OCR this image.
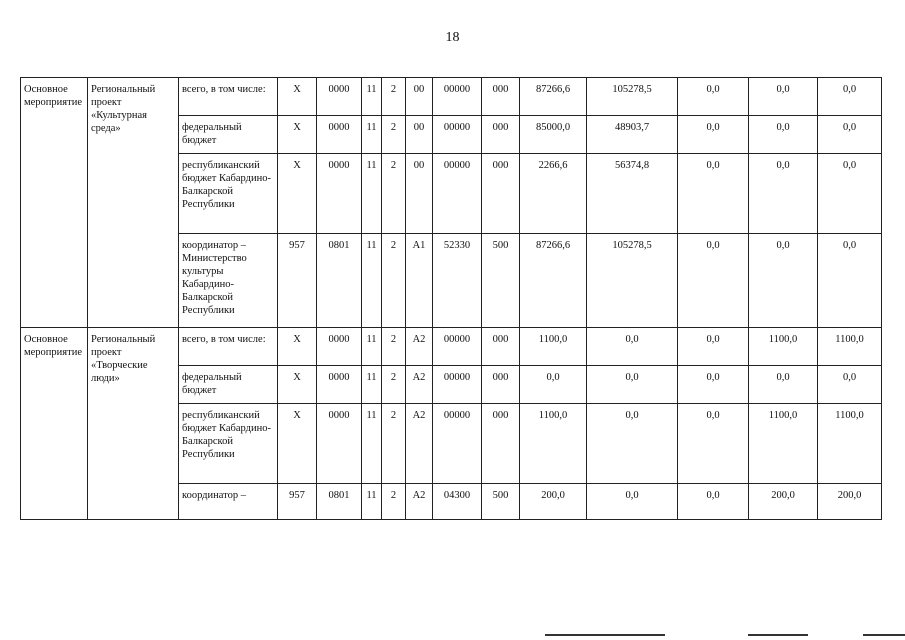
18
Основное мероприятие	Региональный проект «Культурная среда»	всего, в том числе:	X	0000	11	2	00	00000	000	87266,6	105278,5	0,0	0,0	0,0
		федеральный бюджет	X	0000	11	2	00	00000	000	85000,0	48903,7	0,0	0,0	0,0
		республиканский бюджет Кабардино-Балкарской Республики	X	0000	11	2	00	00000	000	2266,6	56374,8	0,0	0,0	0,0
		координатор – Министерство культуры Кабардино-Балкарской Республики	957	0801	11	2	A1	52330	500	87266,6	105278,5	0,0	0,0	0,0
Основное мероприятие	Региональный проект «Творческие люди»	всего, в том числе:	X	0000	11	2	A2	00000	000	1100,0	0,0	0,0	1100,0	1100,0
		федеральный бюджет	X	0000	11	2	A2	00000	000	0,0	0,0	0,0	0,0	0,0
		республиканский бюджет Кабардино-Балкарской Республики	X	0000	11	2	A2	00000	000	1100,0	0,0	0,0	1100,0	1100,0
		координатор –	957	0801	11	2	A2	04300	500	200,0	0,0	0,0	200,0	200,0
